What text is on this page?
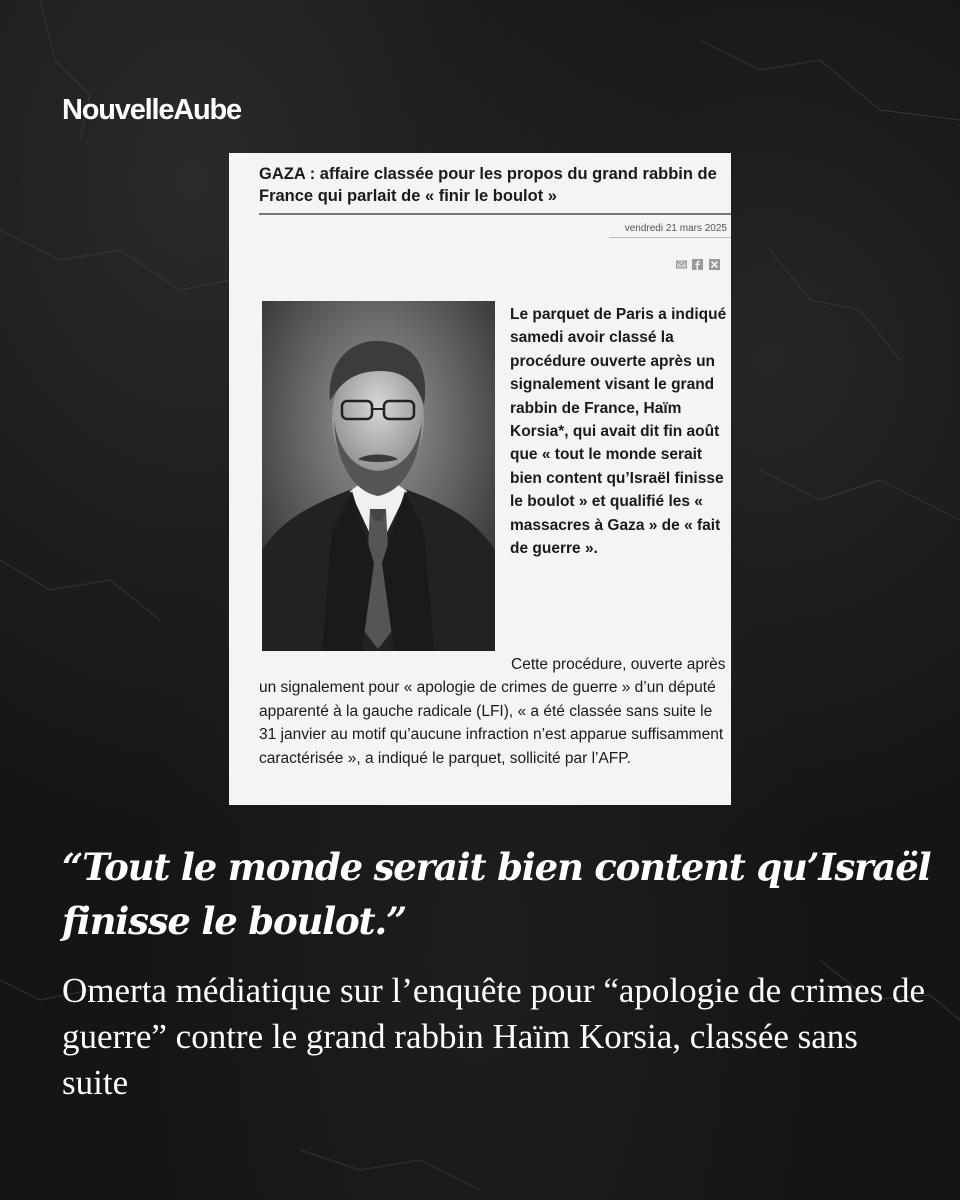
NouvelleAube
GAZA : affaire classée pour les propos du grand rabbin de France qui parlait de « finir le boulot »
vendredi 21 mars 2025

Le parquet de Paris a indiqué samedi avoir classé la procédure ouverte après un signalement visant le grand rabbin de France, Haïm Korsia*, qui avait dit fin août que « tout le monde serait bien content qu’Israël finisse le boulot » et qualifié les « massacres à Gaza » de « fait de guerre ».

Cette procédure, ouverte après un signalement pour « apologie de crimes de guerre » d’un député apparenté à la gauche radicale (LFI), « a été classée sans suite le 31 janvier au motif qu’aucune infraction n’est apparue suffisamment caractérisée », a indiqué le parquet, sollicité par l’AFP.

“Tout le monde serait bien content qu’Israël finisse le boulot.”

Omerta médiatique sur l’enquête pour “apologie de crimes de guerre” contre le grand rabbin Haïm Korsia, classée sans suite
